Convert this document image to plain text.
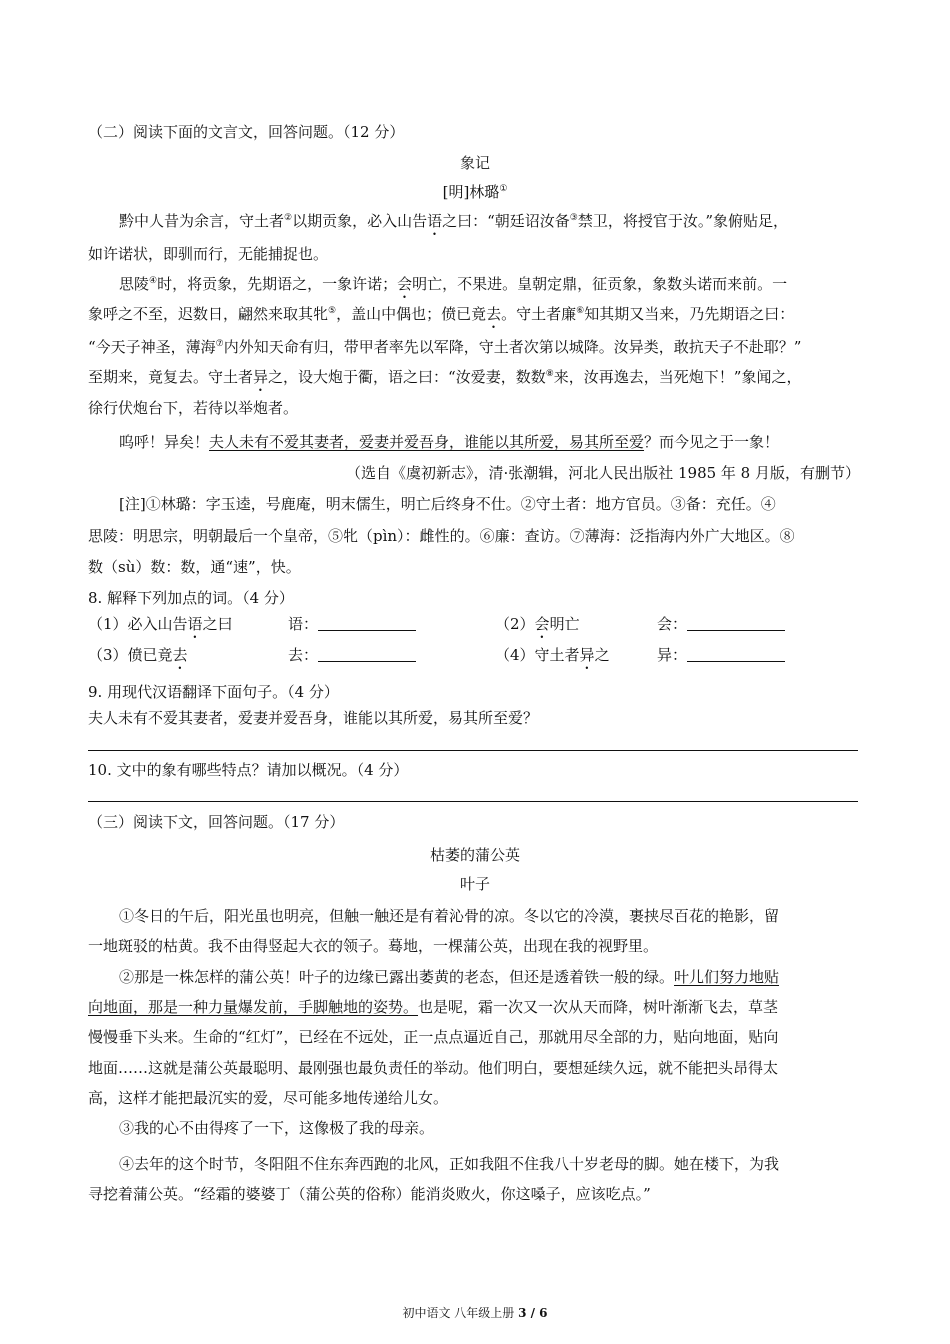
（二）阅读下面的文言文，回答问题。（12 分）
象记
[明]林璐①
黔中人昔为余言，守土者②以期贡象，必入山告语之曰：“朝廷诏汝备③禁卫，将授官于汝。”象俯贴足，
如许诺状，即驯而行，无能捕捉也。
思陵④时，将贡象，先期语之，一象许诺；会明亡，不果进。皇朝定鼎，征贡象，象数头诺而来前。一
象呼之不至，迟数日，翩然来取其牝⑤，盖山中偶也；偾已竟去。守土者廉⑥知其期又当来，乃先期语之曰：
“今天子神圣，薄海⑦内外知天命有归，带甲者率先以军降，守土者次第以城降。汝异类，敢抗天子不赴耶？”
至期来，竟复去。守土者异之，设大炮于衢，语之曰：“汝爱妻，数数⑧来，汝再逸去，当死炮下！”象闻之，
徐行伏炮台下，若待以举炮者。
呜呼！异矣！夫人未有不爱其妻者，爱妻并爱吾身，谁能以其所爱，易其所至爱？而今见之于一象！
（选自《虞初新志》，清·张潮辑，河北人民出版社 1985 年 8 月版，有删节）
[注]①林璐：字玉逵，号鹿庵，明末儒生，明亡后终身不仕。②守土者：地方官员。③备：充任。④
思陵：明思宗，明朝最后一个皇帝，⑤牝（pìn）：雌性的。⑥廉：查访。⑦薄海：泛指海内外广大地区。⑧
数（sù）数：数，通“速”，快。
8. 解释下列加点的词。（4 分）
（1）必入山告语之曰	语：	（2）会明亡	会：
（3）偾已竟去	去：	（4）守土者异之	异：
9. 用现代汉语翻译下面句子。（4 分）
夫人未有不爱其妻者，爱妻并爱吾身，谁能以其所爱，易其所至爱？
10. 文中的象有哪些特点？请加以概况。（4 分）
（三）阅读下文，回答问题。（17 分）
枯萎的蒲公英
叶子
①冬日的午后，阳光虽也明亮，但触一触还是有着沁骨的凉。冬以它的冷漠，裹挟尽百花的艳影，留
一地斑驳的枯黄。我不由得竖起大衣的领子。蓦地，一棵蒲公英，出现在我的视野里。
②那是一株怎样的蒲公英！叶子的边缘已露出萎黄的老态，但还是透着铁一般的绿。叶儿们努力地贴
向地面，那是一种力量爆发前，手脚触地的姿势。也是呢，霜一次又一次从天而降，树叶渐渐飞去，草茎
慢慢垂下头来。生命的“红灯”，已经在不远处，正一点点逼近自己，那就用尽全部的力，贴向地面，贴向
地面……这就是蒲公英最聪明、最刚强也最负责任的举动。他们明白，要想延续久远，就不能把头昂得太
高，这样才能把最沉实的爱，尽可能多地传递给儿女。
③我的心不由得疼了一下，这像极了我的母亲。
④去年的这个时节，冬阳阻不住东奔西跑的北风，正如我阻不住我八十岁老母的脚。她在楼下，为我
寻挖着蒲公英。“经霜的婆婆丁（蒲公英的俗称）能消炎败火，你这嗓子，应该吃点。”
初中语文 八年级上册 3 / 6
